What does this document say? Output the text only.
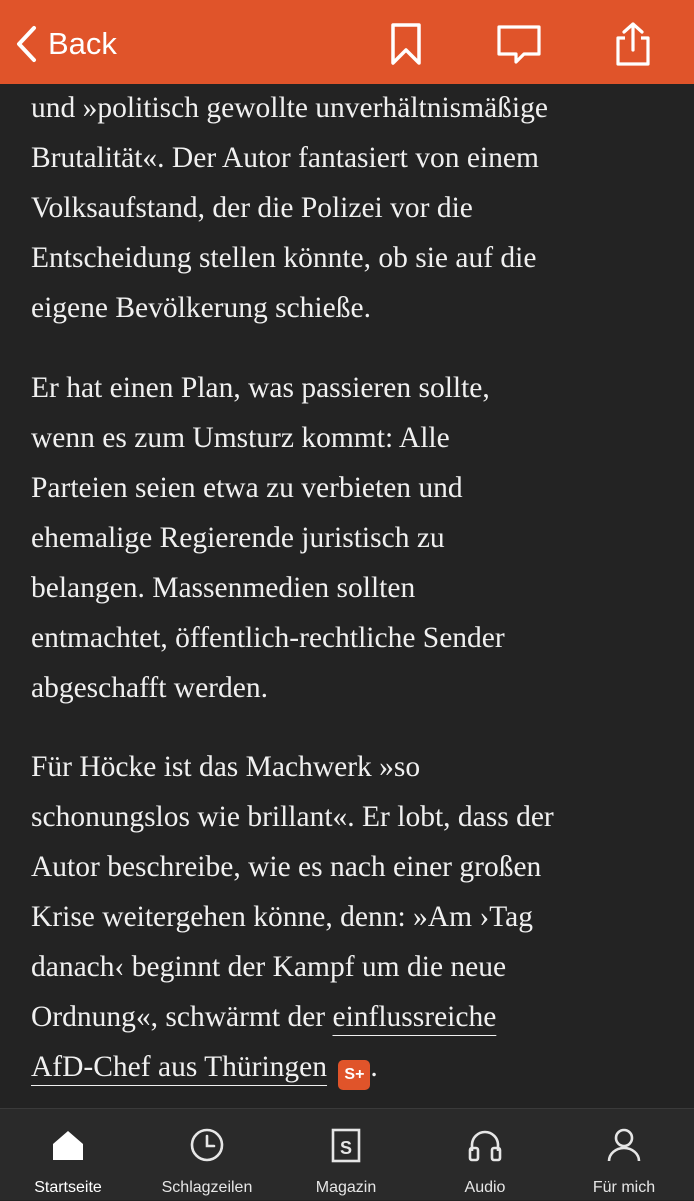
Back
und »politisch gewollte unverhältnismäßige
Brutalität«. Der Autor fantasiert von einem
Volksaufstand, der die Polizei vor die
Entscheidung stellen könnte, ob sie auf die
eigene Bevölkerung schieße.
Er hat einen Plan, was passieren sollte,
wenn es zum Umsturz kommt: Alle
Parteien seien etwa zu verbieten und
ehemalige Regierende juristisch zu
belangen. Massenmedien sollten
entmachtet, öffentlich-rechtliche Sender
abgeschafft werden.
Für Höcke ist das Machwerk »so
schonungslos wie brillant«. Er lobt, dass der
Autor beschreibe, wie es nach einer großen
Krise weitergehen könne, denn: »Am ›Tag
danach‹ beginnt der Kampf um die neue
Ordnung«, schwärmt der einflussreiche
AfD-Chef aus Thüringen S+ .
Startseite	Schlagzeilen
S
Magazin	Audio	Für mich
